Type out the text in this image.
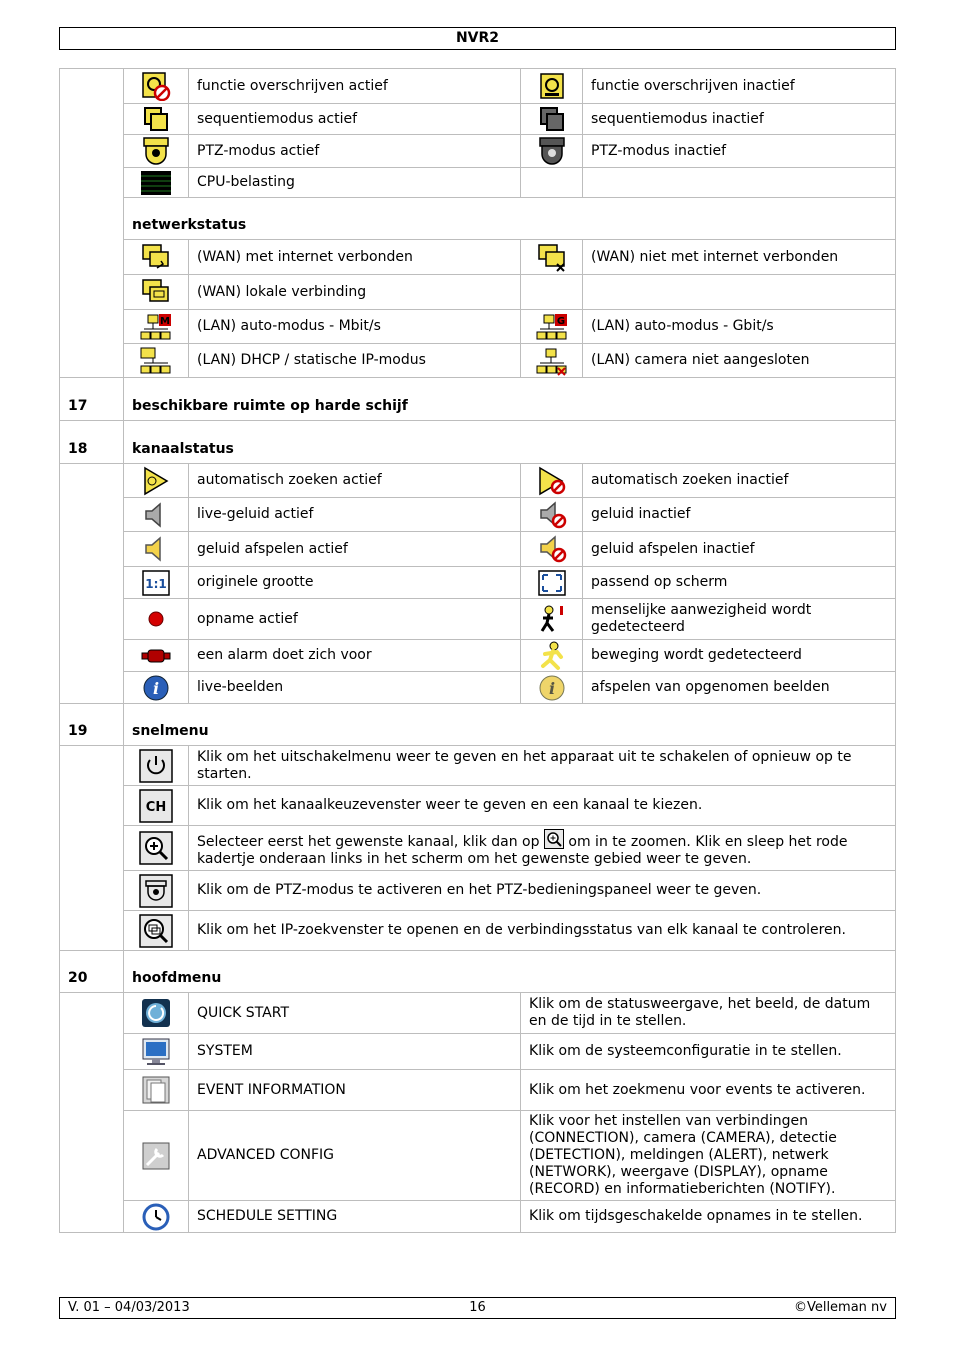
NVR2

	functie overschrijven actief		functie overschrijven inactief

	sequentiemodus actief		sequentiemodus inactief

	PTZ-modus actief		PTZ-modus inactief

	CPU-belasting		
	netwerkstatus			

	(WAN) met internet verbonden		(WAN) niet met internet verbonden

	(WAN) lokale verbinding		

M	(LAN) auto-modus - Mbit/s	G	(LAN) auto-modus - Gbit/s

	(LAN) DHCP / statische IP-modus		(LAN) camera niet aangesloten
17	beschikbare ruimte op harde schijf			
18	kanaalstatus			

	automatisch zoeken actief		automatisch zoeken inactief

	live-geluid actief		geluid inactief

	geluid afspelen actief		geluid afspelen inactief

1:1	originele grootte		passend op scherm

	opname actief		menselijke aanwezigheid wordt gedetecteerd

	een alarm doet zich voor		beweging wordt gedetecteerd

i	live-beelden	i	afspelen van opgenomen beelden
19	snelmenu			

	Klik om het uitschakelmenu weer te geven en het apparaat uit te schakelen of opnieuw op te starten.		

CH	Klik om het kanaalkeuzevenster weer te geven en een kanaal te kiezen.		

	Selecteer eerst het gewenste kanaal, klik dan op om in te zoomen. Klik en sleep het rode kadertje onderaan links in het scherm om het gewenste gebied weer te geven.		

	Klik om de PTZ-modus te activeren en het PTZ-bedieningspaneel weer te geven.		

	Klik om het IP-zoekvenster te openen en de verbindingsstatus van elk kanaal te controleren.		
20	hoofdmenu			

	QUICK START	Klik om de statusweergave, het beeld, de datum en de tijd in te stellen.	

	SYSTEM	Klik om de systeemconfiguratie in te stellen.	

	EVENT INFORMATION	Klik om het zoekmenu voor events te activeren.	

	ADVANCED CONFIG	Klik voor het instellen van verbindingen (CONNECTION), camera (CAMERA), detectie (DETECTION), meldingen (ALERT), netwerk (NETWORK), weergave (DISPLAY), opname (RECORD) en informatieberichten (NOTIFY).	

	SCHEDULE SETTING	Klik om tijdsgeschakelde opnames in te stellen.	
V. 01 – 04/03/2013	16	©Velleman nv
